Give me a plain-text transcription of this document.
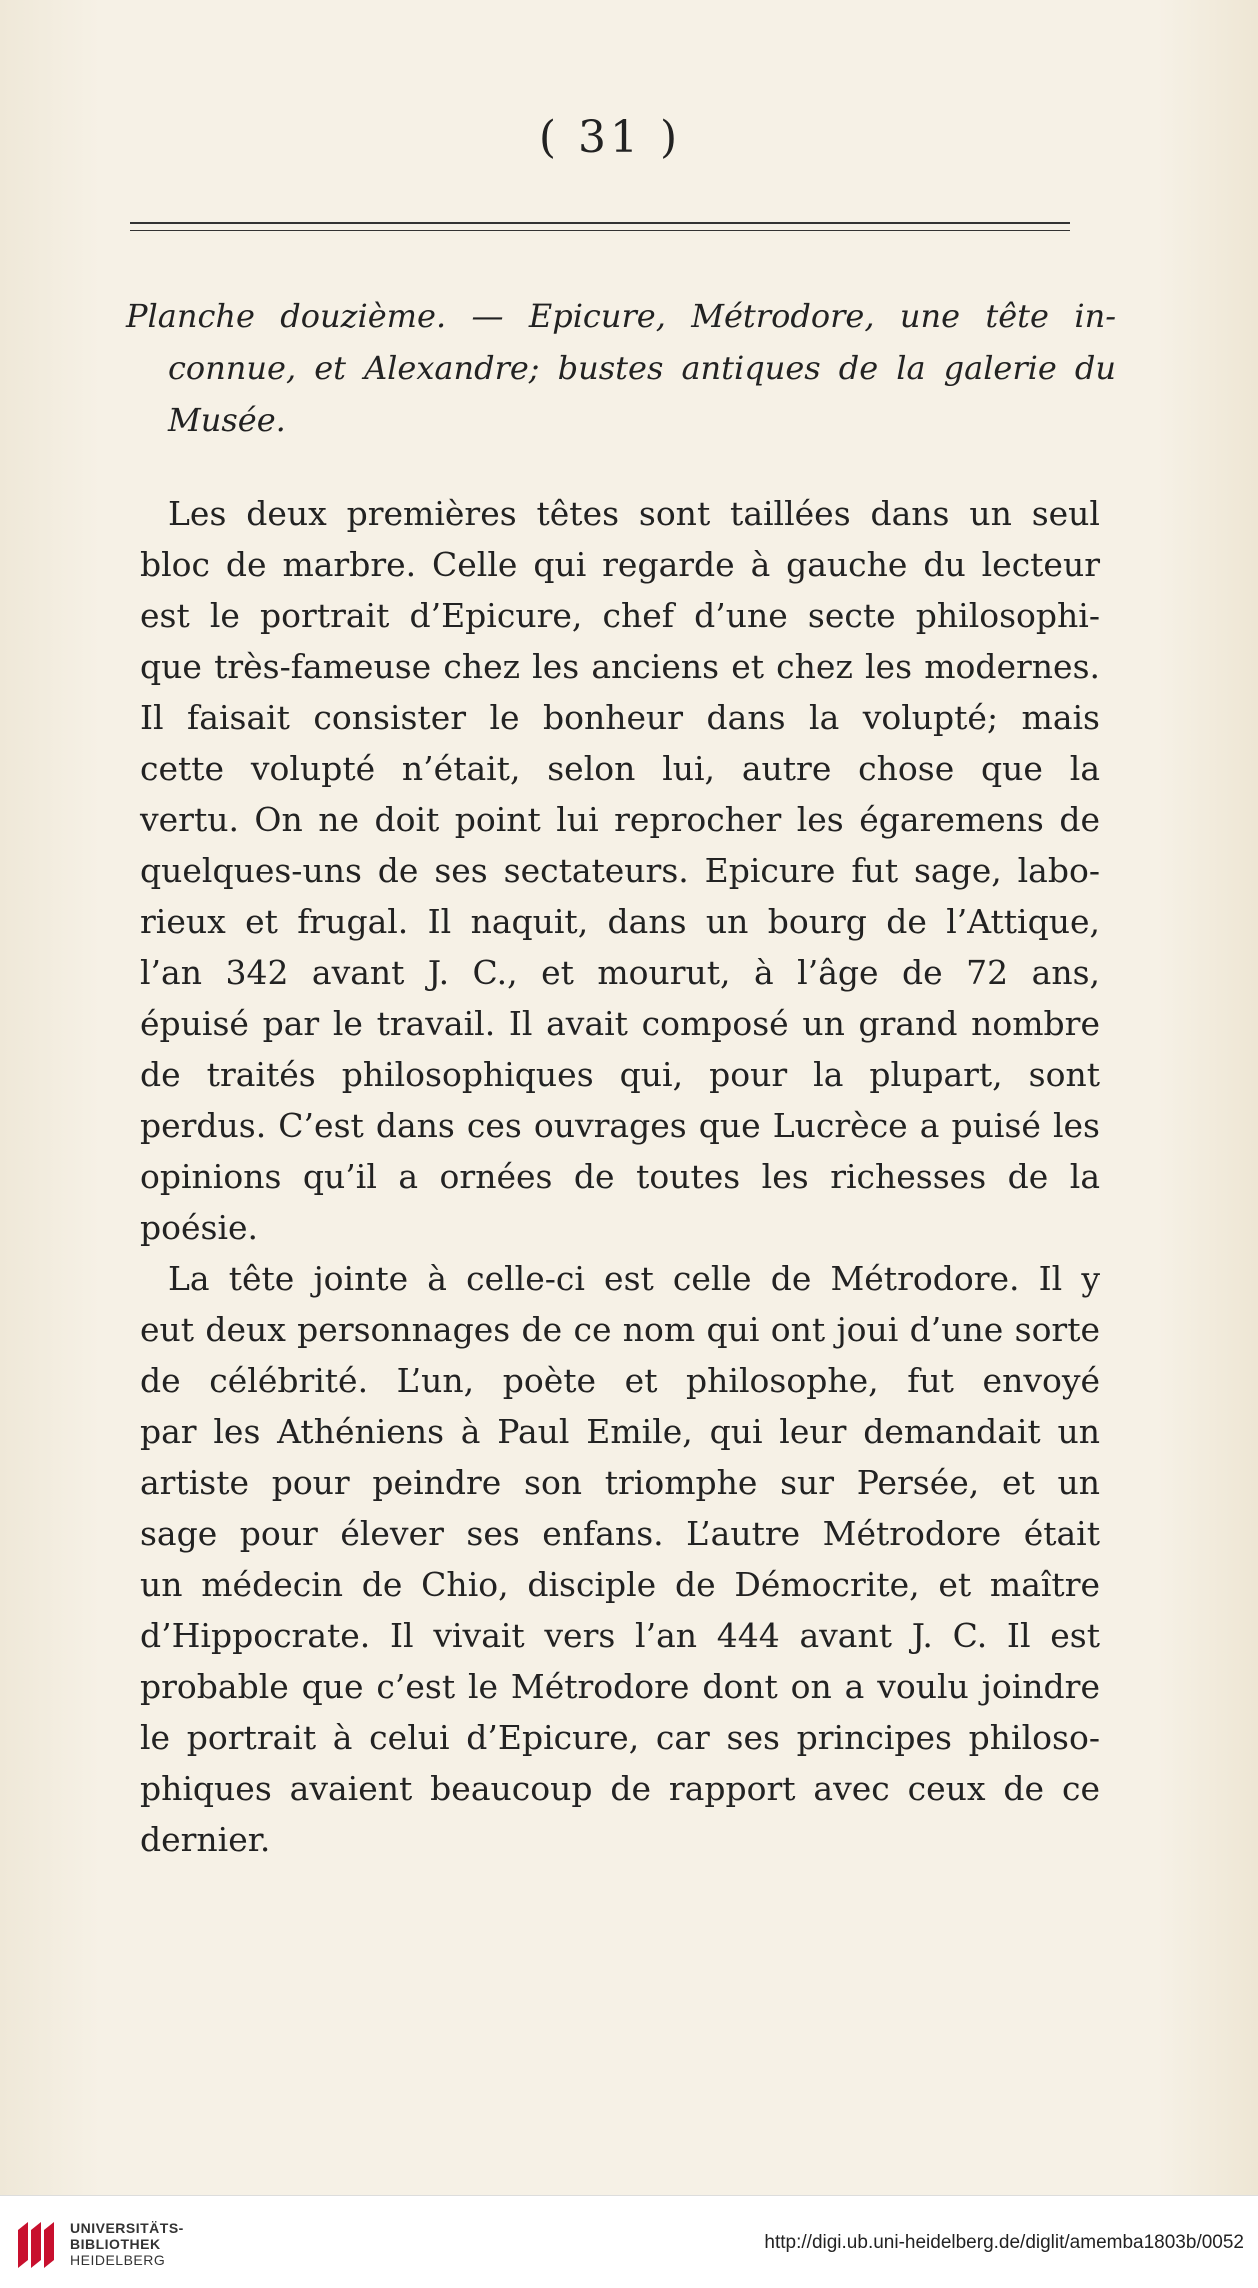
( 31 )
Planche douzième. — Epicure, Métrodore, une tête in-
connue, et Alexandre; bustes antiques de la galerie du
Musée.
Les deux premières têtes sont taillées dans un seul
bloc de marbre. Celle qui regarde à gauche du lecteur
est le portrait d’Epicure, chef d’une secte philosophi-
que très-fameuse chez les anciens et chez les modernes.
Il faisait consister le bonheur dans la volupté; mais
cette volupté n’était, selon lui, autre chose que la
vertu. On ne doit point lui reprocher les égaremens de
quelques-uns de ses sectateurs. Epicure fut sage, labo-
rieux et frugal. Il naquit, dans un bourg de l’Attique,
l’an 342 avant J. C., et mourut, à l’âge de 72 ans,
épuisé par le travail. Il avait composé un grand nombre
de traités philosophiques qui, pour la plupart, sont
perdus. C’est dans ces ouvrages que Lucrèce a puisé les
opinions qu’il a ornées de toutes les richesses de la
poésie.
La tête jointe à celle-ci est celle de Métrodore. Il y
eut deux personnages de ce nom qui ont joui d’une sorte
de célébrité. L’un, poète et philosophe, fut envoyé
par les Athéniens à Paul Emile, qui leur demandait un
artiste pour peindre son triomphe sur Persée, et un
sage pour élever ses enfans. L’autre Métrodore était
un médecin de Chio, disciple de Démocrite, et maître
d’Hippocrate. Il vivait vers l’an 444 avant J. C. Il est
probable que c’est le Métrodore dont on a voulu joindre
le portrait à celui d’Epicure, car ses principes philoso-
phiques avaient beaucoup de rapport avec ceux de ce
dernier.
UNIVERSITÄTS-
BIBLIOTHEK
HEIDELBERG
http://digi.ub.uni-heidelberg.de/diglit/amemba1803b/0052
